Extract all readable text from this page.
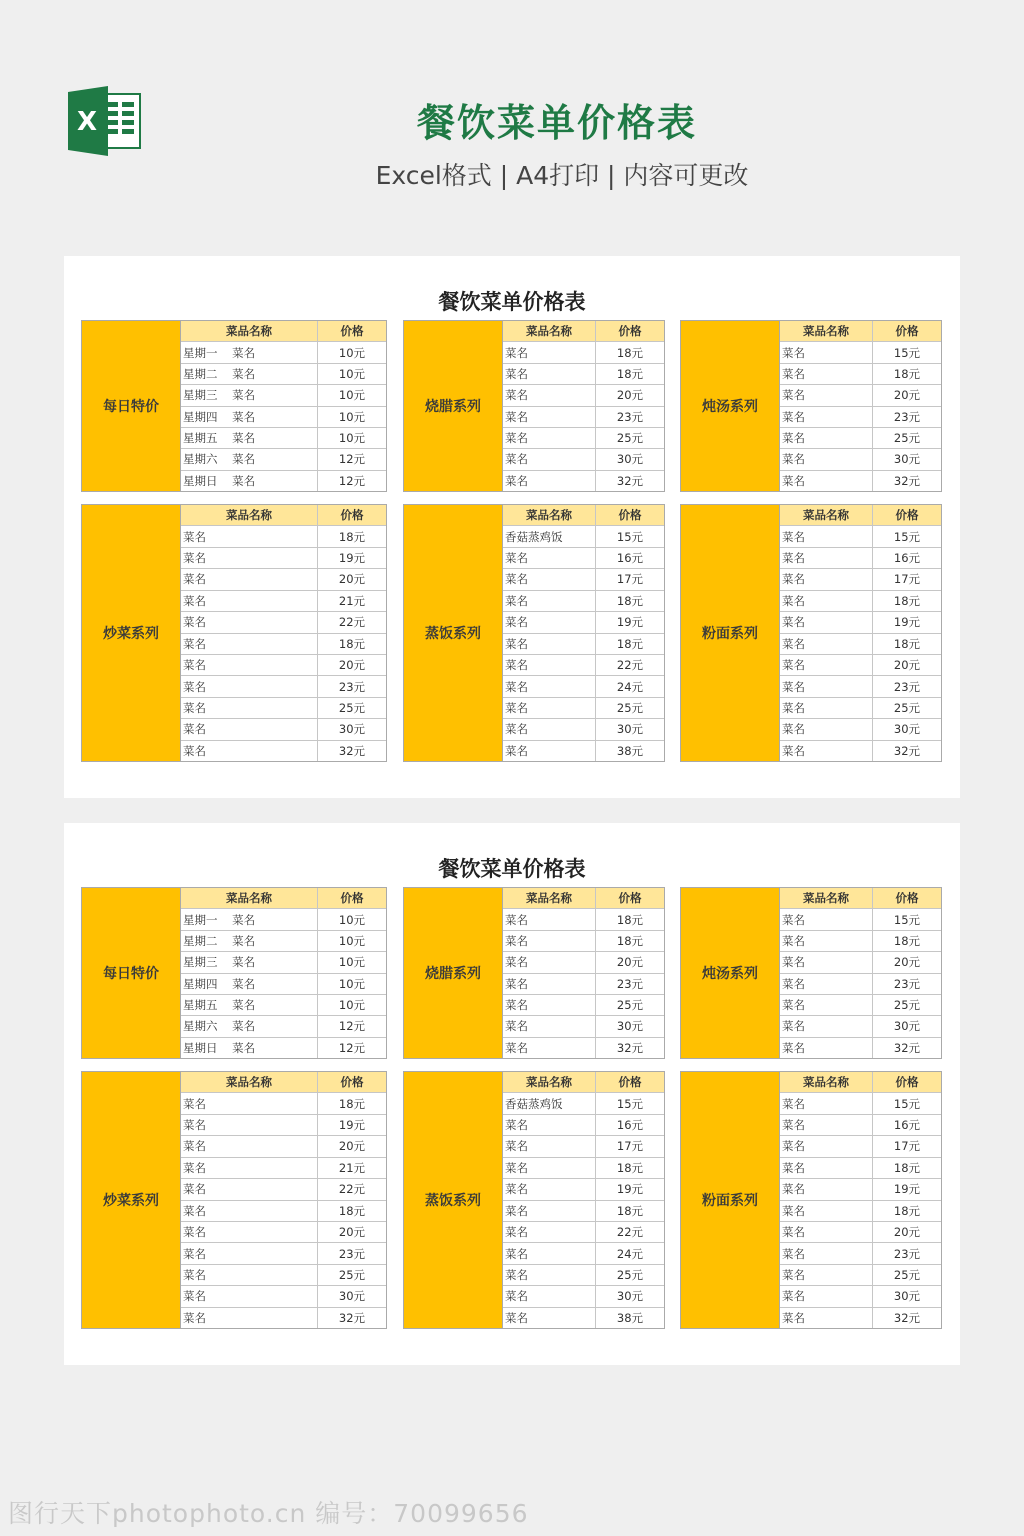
X	餐饮菜单价格表
Excel格式 | A4打印 | 内容可更改
餐饮菜单价格表
每日特价
菜品名称	价格
星期一    菜名	10元
星期二    菜名	10元
星期三    菜名	10元
星期四    菜名	10元
星期五    菜名	10元
星期六    菜名	12元
星期日    菜名	12元
烧腊系列
菜品名称	价格
菜名	18元
菜名	18元
菜名	20元
菜名	23元
菜名	25元
菜名	30元
菜名	32元
炖汤系列
菜品名称	价格
菜名	15元
菜名	18元
菜名	20元
菜名	23元
菜名	25元
菜名	30元
菜名	32元
炒菜系列
菜品名称	价格
菜名	18元
菜名	19元
菜名	20元
菜名	21元
菜名	22元
菜名	18元
菜名	20元
菜名	23元
菜名	25元
菜名	30元
菜名	32元
蒸饭系列
菜品名称	价格
香菇蒸鸡饭	15元
菜名	16元
菜名	17元
菜名	18元
菜名	19元
菜名	18元
菜名	22元
菜名	24元
菜名	25元
菜名	30元
菜名	38元
粉面系列
菜品名称	价格
菜名	15元
菜名	16元
菜名	17元
菜名	18元
菜名	19元
菜名	18元
菜名	20元
菜名	23元
菜名	25元
菜名	30元
菜名	32元
餐饮菜单价格表
每日特价
菜品名称	价格
星期一    菜名	10元
星期二    菜名	10元
星期三    菜名	10元
星期四    菜名	10元
星期五    菜名	10元
星期六    菜名	12元
星期日    菜名	12元
烧腊系列
菜品名称	价格
菜名	18元
菜名	18元
菜名	20元
菜名	23元
菜名	25元
菜名	30元
菜名	32元
炖汤系列
菜品名称	价格
菜名	15元
菜名	18元
菜名	20元
菜名	23元
菜名	25元
菜名	30元
菜名	32元
炒菜系列
菜品名称	价格
菜名	18元
菜名	19元
菜名	20元
菜名	21元
菜名	22元
菜名	18元
菜名	20元
菜名	23元
菜名	25元
菜名	30元
菜名	32元
蒸饭系列
菜品名称	价格
香菇蒸鸡饭	15元
菜名	16元
菜名	17元
菜名	18元
菜名	19元
菜名	18元
菜名	22元
菜名	24元
菜名	25元
菜名	30元
菜名	38元
粉面系列
菜品名称	价格
菜名	15元
菜名	16元
菜名	17元
菜名	18元
菜名	19元
菜名	18元
菜名	20元
菜名	23元
菜名	25元
菜名	30元
菜名	32元
图行天下photophoto.cn 编号：70099656
